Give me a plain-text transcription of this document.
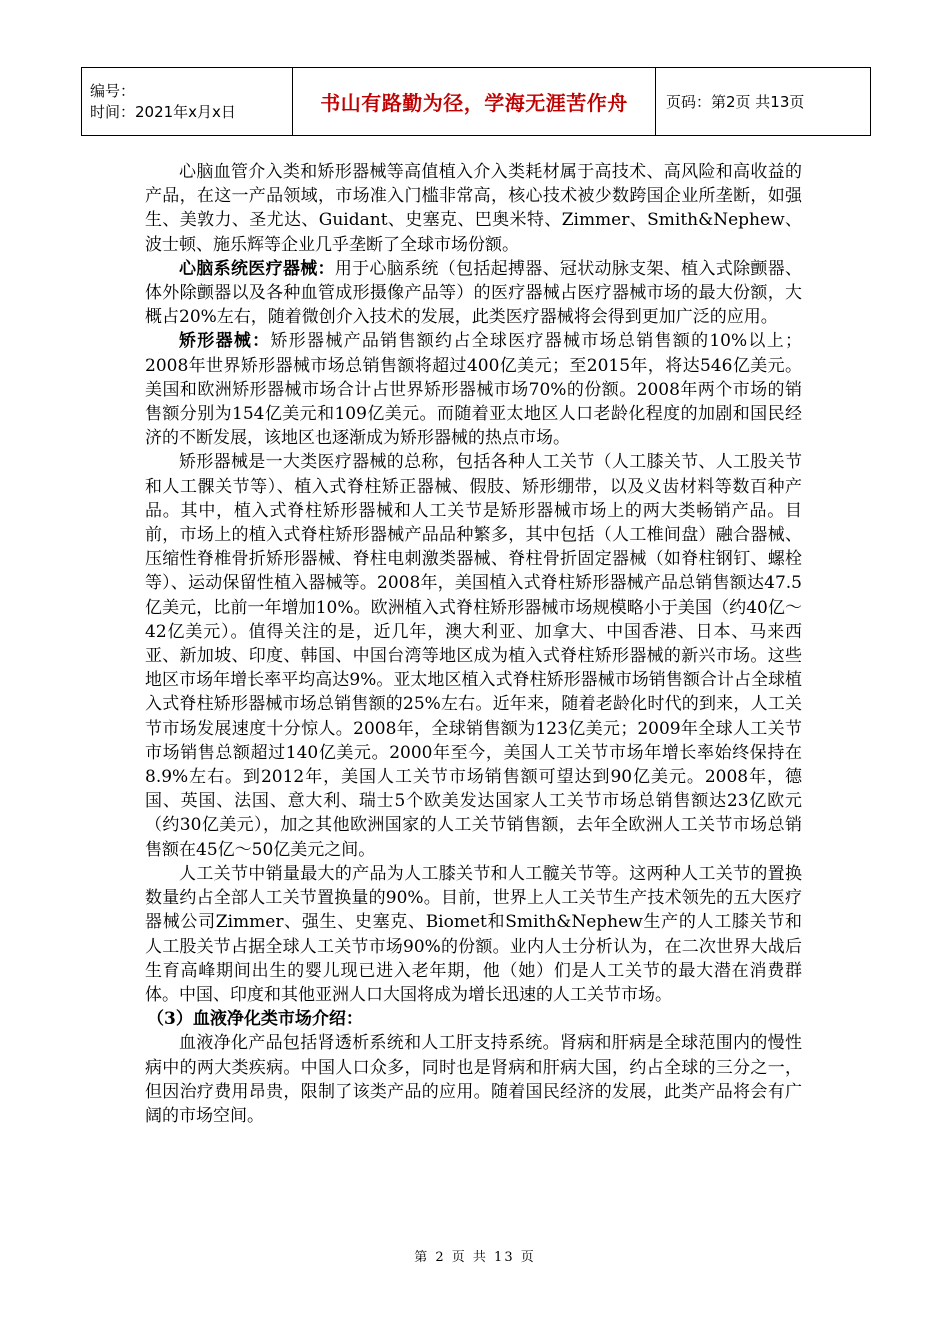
编号：
时间：2021年x月x日	书山有路勤为径，学海无涯苦作舟	页码：第2页 共13页

心脑血管介入类和矫形器械等高值植入介入类耗材属于高技术、高风险和高收益的产品，在这一产品领域，市场准入门槛非常高，核心技术被少数跨国企业所垄断，如强生、美敦力、圣尤达、Guidant、史塞克、巴奥米特、Zimmer、Smith&Nephew、波士顿、施乐辉等企业几乎垄断了全球市场份额。

心脑系统医疗器械：用于心脑系统（包括起搏器、冠状动脉支架、植入式除颤器、体外除颤器以及各种血管成形摄像产品等）的医疗器械占医疗器械市场的最大份额，大概占20%左右，随着微创介入技术的发展，此类医疗器械将会得到更加广泛的应用。

矫形器械：矫形器械产品销售额约占全球医疗器械市场总销售额的10%以上；2008年世界矫形器械市场总销售额将超过400亿美元；至2015年，将达546亿美元。美国和欧洲矫形器械市场合计占世界矫形器械市场70%的份额。2008年两个市场的销售额分别为154亿美元和109亿美元。而随着亚太地区人口老龄化程度的加剧和国民经济的不断发展，该地区也逐渐成为矫形器械的热点市场。

矫形器械是一大类医疗器械的总称，包括各种人工关节（人工膝关节、人工股关节和人工髁关节等）、植入式脊柱矫正器械、假肢、矫形绷带，以及义齿材料等数百种产品。其中，植入式脊柱矫形器械和人工关节是矫形器械市场上的两大类畅销产品。目前，市场上的植入式脊柱矫形器械产品品种繁多，其中包括（人工椎间盘）融合器械、压缩性脊椎骨折矫形器械、脊柱电刺激类器械、脊柱骨折固定器械（如脊柱钢钉、螺栓等）、运动保留性植入器械等。2008年，美国植入式脊柱矫形器械产品总销售额达47.5亿美元，比前一年增加10%。欧洲植入式脊柱矫形器械市场规模略小于美国（约40亿～42亿美元）。值得关注的是，近几年，澳大利亚、加拿大、中国香港、日本、马来西亚、新加坡、印度、韩国、中国台湾等地区成为植入式脊柱矫形器械的新兴市场。这些地区市场年增长率平均高达9%。亚太地区植入式脊柱矫形器械市场销售额合计占全球植入式脊柱矫形器械市场总销售额的25%左右。近年来，随着老龄化时代的到来，人工关节市场发展速度十分惊人。2008年，全球销售额为123亿美元；2009年全球人工关节市场销售总额超过140亿美元。2000年至今，美国人工关节市场年增长率始终保持在8.9%左右。到2012年，美国人工关节市场销售额可望达到90亿美元。2008年，德国、英国、法国、意大利、瑞士5个欧美发达国家人工关节市场总销售额达23亿欧元（约30亿美元），加之其他欧洲国家的人工关节销售额，去年全欧洲人工关节市场总销售额在45亿～50亿美元之间。

人工关节中销量最大的产品为人工膝关节和人工髋关节等。这两种人工关节的置换数量约占全部人工关节置换量的90%。目前，世界上人工关节生产技术领先的五大医疗器械公司Zimmer、强生、史塞克、Biomet和Smith&Nephew生产的人工膝关节和人工股关节占据全球人工关节市场90%的份额。业内人士分析认为，在二次世界大战后生育高峰期间出生的婴儿现已进入老年期，他（她）们是人工关节的最大潜在消费群体。中国、印度和其他亚洲人口大国将成为增长迅速的人工关节市场。

（3）血液净化类市场介绍：

血液净化产品包括肾透析系统和人工肝支持系统。肾病和肝病是全球范围内的慢性病中的两大类疾病。中国人口众多，同时也是肾病和肝病大国，约占全球的三分之一，但因治疗费用昂贵，限制了该类产品的应用。随着国民经济的发展，此类产品将会有广阔的市场空间。

第 2 页 共 13 页
